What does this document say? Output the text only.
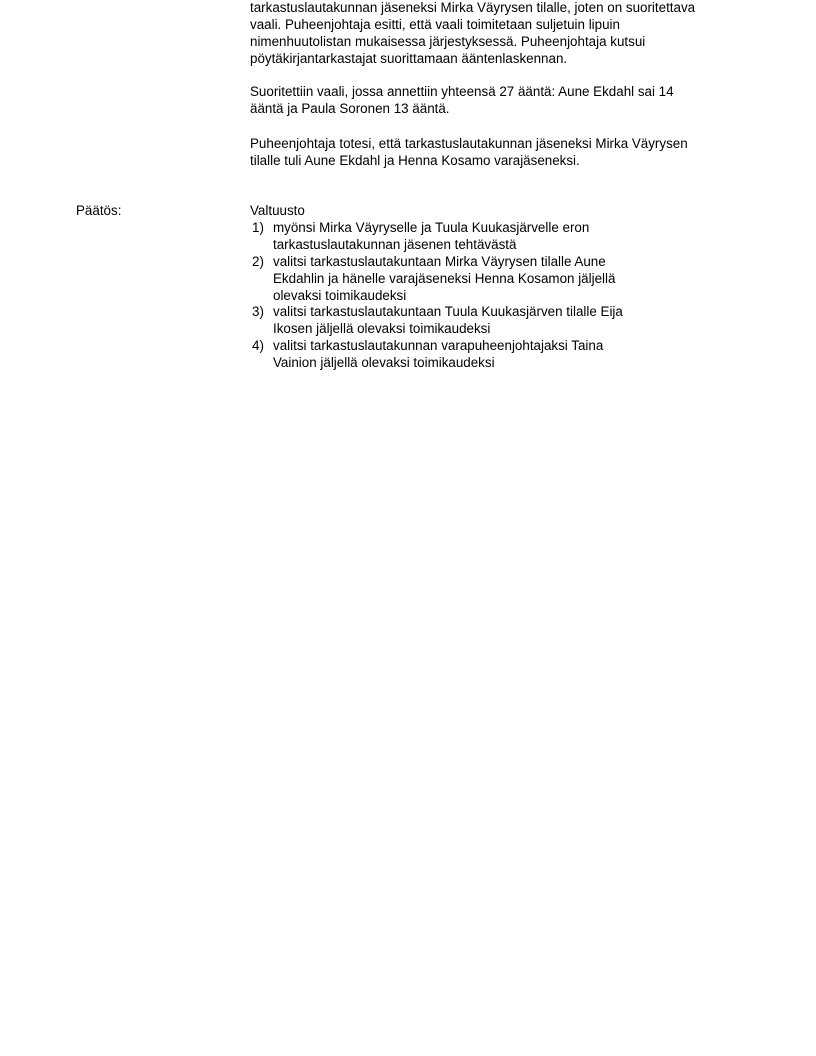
tarkastuslautakunnan jäseneksi Mirka Väyrysen tilalle, joten on suoritettava
vaali. Puheenjohtaja esitti, että vaali toimitetaan suljetuin lipuin
nimenhuutolistan mukaisessa järjestyksessä. Puheenjohtaja kutsui
pöytäkirjantarkastajat suorittamaan ääntenlaskennan.
Suoritettiin vaali, jossa annettiin yhteensä 27 ääntä: Aune Ekdahl sai 14
ääntä ja Paula Soronen 13 ääntä.
Puheenjohtaja totesi, että tarkastuslautakunnan jäseneksi Mirka Väyrysen
tilalle tuli Aune Ekdahl ja Henna Kosamo varajäseneksi.
Päätös:	Valtuusto
1) myönsi Mirka Väyryselle ja Tuula Kuukasjärvelle eron
tarkastuslautakunnan jäsenen tehtävästä
2) valitsi tarkastuslautakuntaan Mirka Väyrysen tilalle Aune
Ekdahlin ja hänelle varajäseneksi Henna Kosamon jäljellä
olevaksi toimikaudeksi
3) valitsi tarkastuslautakuntaan Tuula Kuukasjärven tilalle Eija
Ikosen jäljellä olevaksi toimikaudeksi
4) valitsi tarkastuslautakunnan varapuheenjohtajaksi Taina
Vainion jäljellä olevaksi toimikaudeksi
